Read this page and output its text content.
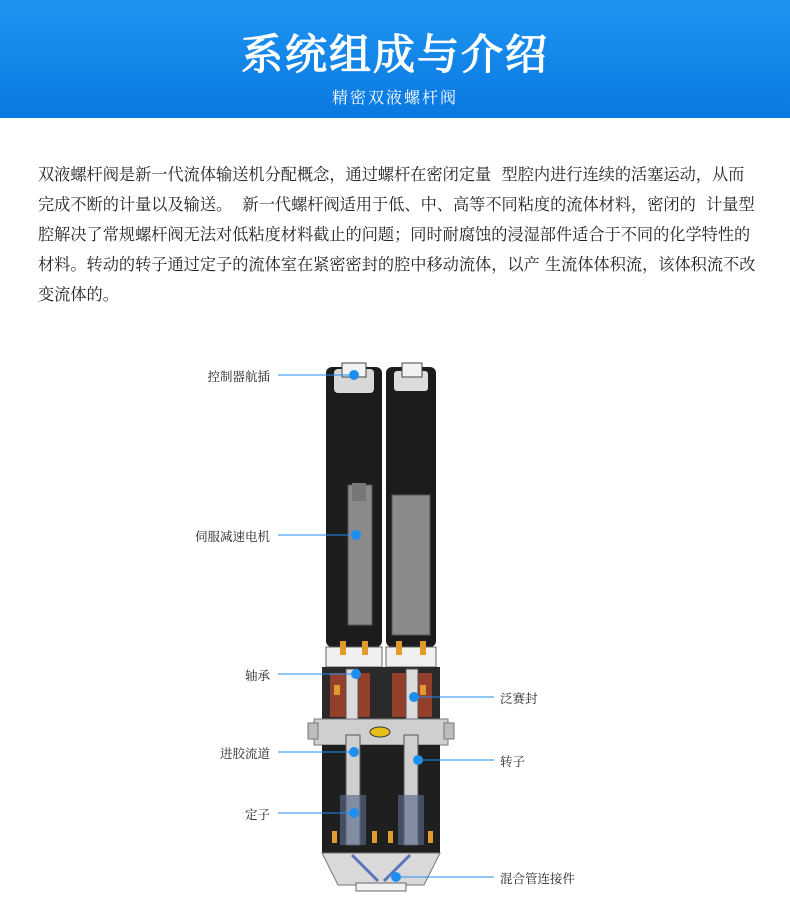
系统组成与介绍
精密双液螺杆阀

双液螺杆阀是新一代流体输送机分配概念，通过螺杆在密闭定量  型腔内进行连续的活塞运动，从而完成不断的计量以及输送。  新一代螺杆阀适用于低、中、高等不同粘度的流体材料，密闭的  计量型腔解决了常规螺杆阀无法对低粘度材料截止的问题；同时耐腐蚀的浸湿部件适合于不同的化学特性的材料。转动的转子通过定子的流体室在紧密密封的腔中移动流体，以产 生流体体积流，该体积流不改变流体的。

控制器航插
伺服减速电机
轴承
进胶流道
定子
泛赛封
转子
混合管连接件
